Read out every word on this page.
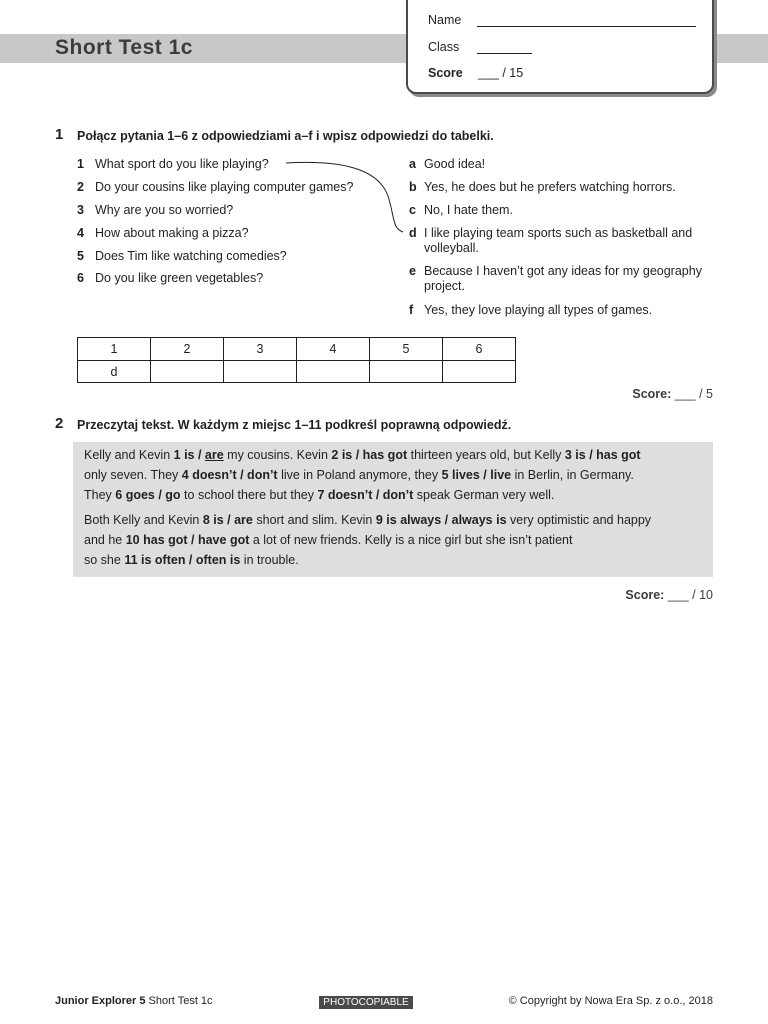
Short Test 1c
Name
Class
Score ___ / 15
1 Połącz pytania 1–6 z odpowiedziami a–f i wpisz odpowiedzi do tabelki.
1 What sport do you like playing?
2 Do your cousins like playing computer games?
3 Why are you so worried?
4 How about making a pizza?
5 Does Tim like watching comedies?
6 Do you like green vegetables?
a Good idea!
b Yes, he does but he prefers watching horrors.
c No, I hate them.
d I like playing team sports such as basketball and volleyball.
e Because I haven’t got any ideas for my geography project.
f Yes, they love playing all types of games.
1	2	3	4	5	6
d					
Score: ___ / 5
2 Przeczytaj tekst. W każdym z miejsc 1–11 podkreśl poprawną odpowiedź.
Kelly and Kevin 1 is / are my cousins. Kevin 2 is / has got thirteen years old, but Kelly 3 is / has got
only seven. They 4 doesn’t / don’t live in Poland anymore, they 5 lives / live in Berlin, in Germany.
They 6 goes / go to school there but they 7 doesn’t / don’t speak German very well.
Both Kelly and Kevin 8 is / are short and slim. Kevin 9 is always / always is very optimistic and happy
and he 10 has got / have got a lot of new friends. Kelly is a nice girl but she isn’t patient
so she 11 is often / often is in trouble.
Score: ___ / 10
Junior Explorer 5 Short Test 1c	PHOTOCOPIABLE	© Copyright by Nowa Era Sp. z o.o., 2018
